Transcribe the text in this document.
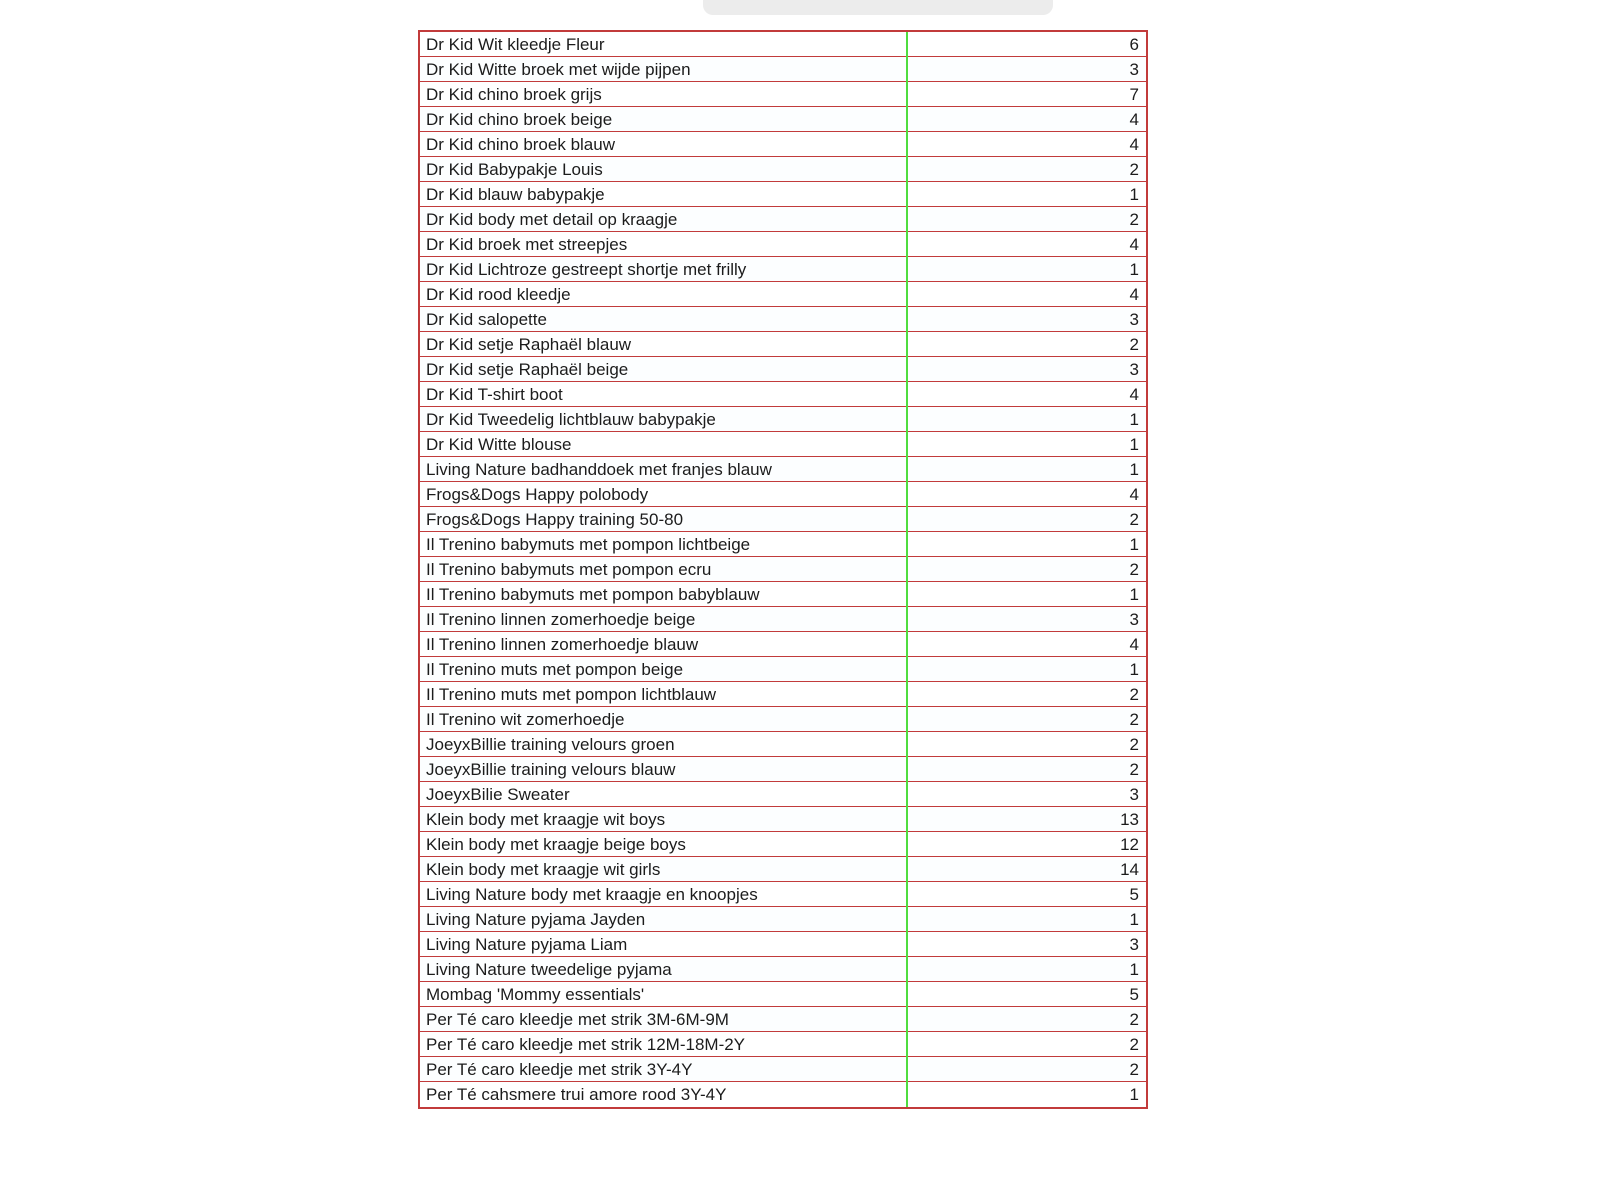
Dr Kid Wit kleedje Fleur	6
Dr Kid Witte broek met wijde pijpen	3
Dr Kid chino broek grijs	7
Dr Kid chino broek beige	4
Dr Kid chino broek blauw	4
Dr Kid Babypakje Louis	2
Dr Kid blauw babypakje	1
Dr Kid body met detail op kraagje	2
Dr Kid broek met streepjes	4
Dr Kid Lichtroze gestreept shortje met frilly	1
Dr Kid rood kleedje	4
Dr Kid salopette	3
Dr Kid setje Raphaël blauw	2
Dr Kid setje Raphaël beige	3
Dr Kid T-shirt boot	4
Dr Kid Tweedelig lichtblauw babypakje	1
Dr Kid Witte blouse	1
Living Nature badhanddoek met franjes blauw	1
Frogs&Dogs Happy polobody	4
Frogs&Dogs Happy training 50-80	2
Il Trenino babymuts met pompon lichtbeige	1
Il Trenino babymuts met pompon ecru	2
Il Trenino babymuts met pompon babyblauw	1
Il Trenino linnen zomerhoedje beige	3
Il Trenino linnen zomerhoedje blauw	4
Il Trenino muts met pompon beige	1
Il Trenino muts met pompon lichtblauw	2
Il Trenino wit zomerhoedje	2
JoeyxBillie training velours groen	2
JoeyxBillie training velours blauw	2
JoeyxBilie Sweater	3
Klein body met kraagje wit boys	13
Klein body met kraagje beige boys	12
Klein body met kraagje wit girls	14
Living Nature body met kraagje en knoopjes	5
Living Nature pyjama Jayden	1
Living Nature pyjama Liam	3
Living Nature tweedelige pyjama	1
Mombag 'Mommy essentials'	5
Per Té caro kleedje met strik 3M-6M-9M	2
Per Té caro kleedje met strik 12M-18M-2Y	2
Per Té caro kleedje met strik 3Y-4Y	2
Per Té cahsmere trui amore rood 3Y-4Y	1
